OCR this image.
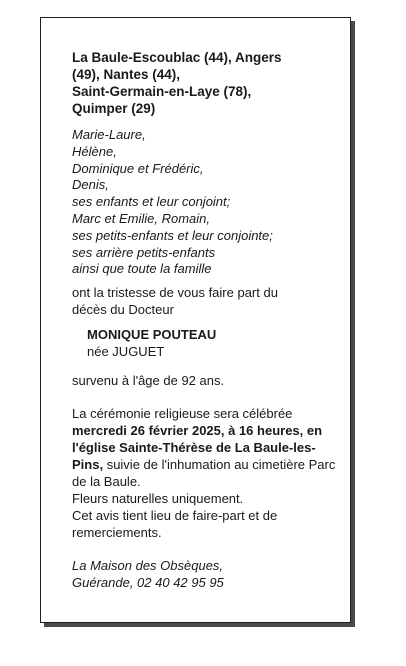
La Baule-Escoublac (44), Angers
(49), Nantes (44),
Saint-Germain-en-Laye (78),
Quimper (29)
Marie-Laure,
Hélène,
Dominique et Frédéric,
Denis,
ses enfants et leur conjoint;
Marc et Emilie, Romain,
ses petits-enfants et leur conjointe;
ses arrière petits-enfants
ainsi que toute la famille
ont la tristesse de vous faire part du
décès du Docteur
MONIQUE POUTEAU
née JUGUET
survenu à l'âge de 92 ans.
La cérémonie religieuse sera célébrée mercredi 26 février 2025, à 16 heures, en l'église Sainte-Thérèse de La Baule-les-Pins, suivie de l'inhumation au cimetière Parc de la Baule.
Fleurs naturelles uniquement.
Cet avis tient lieu de faire-part et de remerciements.
La Maison des Obsèques,
Guérande, 02 40 42 95 95
